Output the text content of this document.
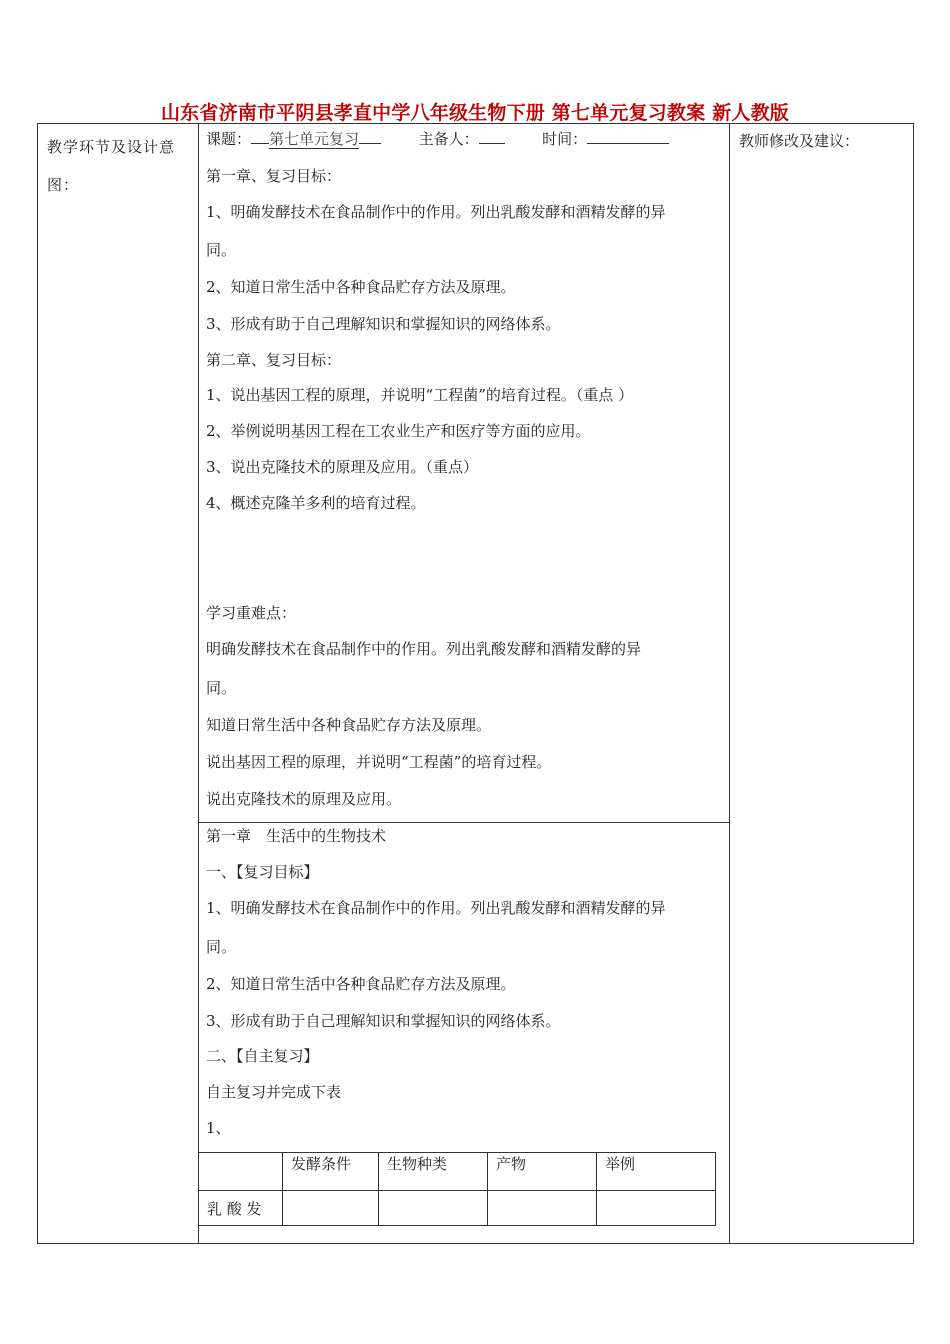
山东省济南市平阴县孝直中学八年级生物下册 第七单元复习教案 新人教版
教学环节及设计意图：
教师修改及建议：
课题： 第七单元复习	主备人：	时间：
第一章、复习目标：
1、明确发酵技术在食品制作中的作用。列出乳酸发酵和酒精发酵的异
同。
2、知道日常生活中各种食品贮存方法及原理。
3、形成有助于自己理解知识和掌握知识的网络体系。
第二章、复习目标：
1、说出基因工程的原理，并说明“工程菌”的培育过程。（重点 ）
2、举例说明基因工程在工农业生产和医疗等方面的应用。
3、说出克隆技术的原理及应用。（重点）
4、概述克隆羊多利的培育过程。
学习重难点：
明确发酵技术在食品制作中的作用。列出乳酸发酵和酒精发酵的异
同。
知道日常生活中各种食品贮存方法及原理。
说出基因工程的原理，并说明“工程菌”的培育过程。
说出克隆技术的原理及应用。
第一章　生活中的生物技术
一、【复习目标】
1、明确发酵技术在食品制作中的作用。列出乳酸发酵和酒精发酵的异
同。
2、知道日常生活中各种食品贮存方法及原理。
3、形成有助于自己理解知识和掌握知识的网络体系。
二、【自主复习】
自主复习并完成下表
1、
	发酵条件	生物种类	产物	举例
乳 酸 发				
